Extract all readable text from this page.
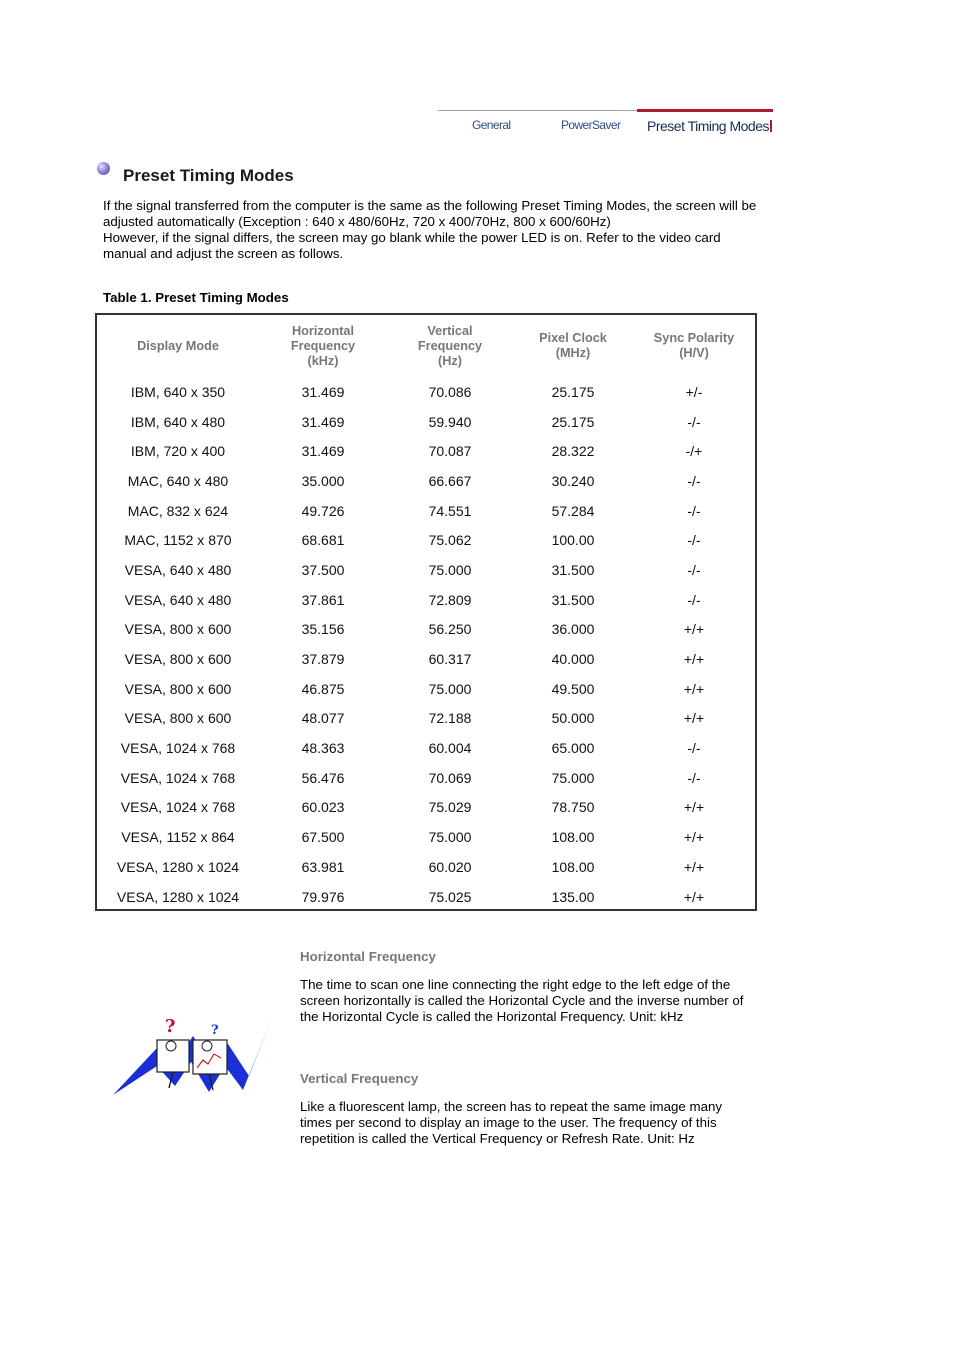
General	PowerSaver Preset Timing Modes
Preset Timing Modes

If the signal transferred from the computer is the same as the following Preset Timing Modes, the screen will be adjusted automatically (Exception : 640 x 480/60Hz, 720 x 400/70Hz, 800 x 600/60Hz)

However, if the signal differs, the screen may go blank while the power LED is on. Refer to the video card manual and adjust the screen as follows.

Table 1. Preset Timing Modes

Display Mode	Horizontal
Frequency
(kHz)	Vertical
Frequency
(Hz)	Pixel Clock
(MHz)	Sync Polarity
(H/V)
IBM, 640 x 350	31.469	70.086	25.175	+/-
IBM, 640 x 480	31.469	59.940	25.175	-/-
IBM, 720 x 400	31.469	70.087	28.322	-/+
MAC, 640 x 480	35.000	66.667	30.240	-/-
MAC, 832 x 624	49.726	74.551	57.284	-/-
MAC, 1152 x 870	68.681	75.062	100.00	-/-
VESA, 640 x 480	37.500	75.000	31.500	-/-
VESA, 640 x 480	37.861	72.809	31.500	-/-
VESA, 800 x 600	35.156	56.250	36.000	+/+
VESA, 800 x 600	37.879	60.317	40.000	+/+
VESA, 800 x 600	46.875	75.000	49.500	+/+
VESA, 800 x 600	48.077	72.188	50.000	+/+
VESA, 1024 x 768	48.363	60.004	65.000	-/-
VESA, 1024 x 768	56.476	70.069	75.000	-/-
VESA, 1024 x 768	60.023	75.029	78.750	+/+
VESA, 1152 x 864	67.500	75.000	108.00	+/+
VESA, 1280 x 1024	63.981	60.020	108.00	+/+
VESA, 1280 x 1024	79.976	75.025	135.00	+/+
?	?

Horizontal Frequency

The time to scan one line connecting the right edge to the left edge of the screen horizontally is called the Horizontal Cycle and the inverse number of the Horizontal Cycle is called the Horizontal Frequency. Unit: kHz

Vertical Frequency

Like a fluorescent lamp, the screen has to repeat the same image many times per second to display an image to the user. The frequency of this repetition is called the Vertical Frequency or Refresh Rate. Unit: Hz
